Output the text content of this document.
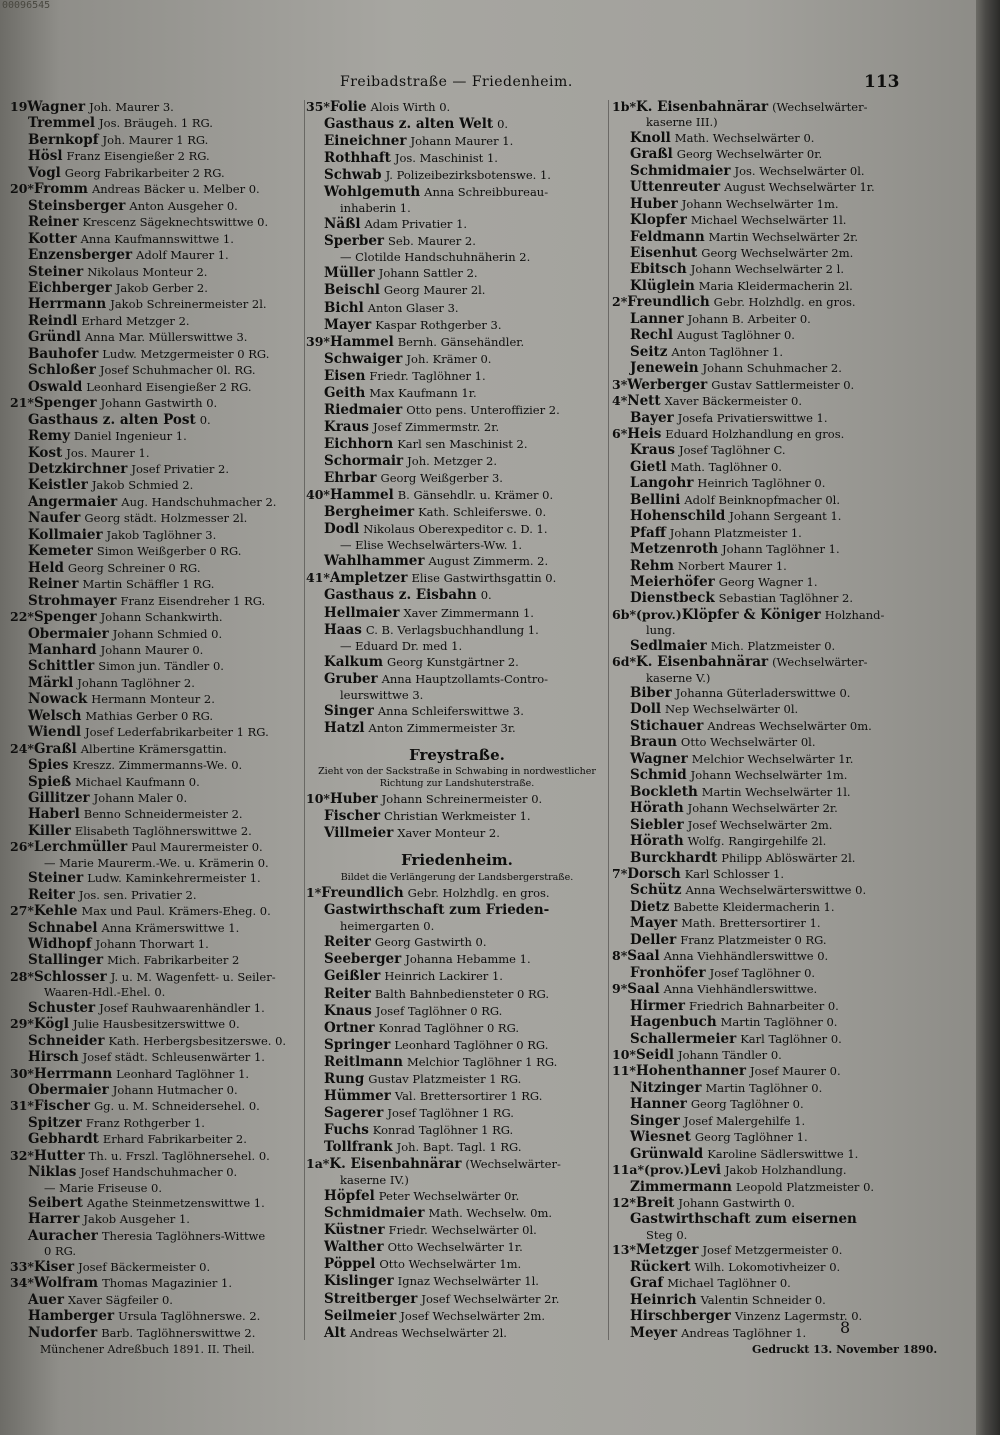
00096545
Freibadstraße — Friedenheim.	113
19Wagner Joh. Maurer 3.
Tremmel Jos. Bräugeh. 1 RG.
Bernkopf Joh. Maurer 1 RG.
Hösl Franz Eisengießer 2 RG.
Vogl Georg Fabrikarbeiter 2 RG.
20*Fromm Andreas Bäcker u. Melber 0.
Steinsberger Anton Ausgeher 0.
Reiner Krescenz Sägeknechtswittwe 0.
Kotter Anna Kaufmannswittwe 1.
Enzensberger Adolf Maurer 1.
Steiner Nikolaus Monteur 2.
Eichberger Jakob Gerber 2.
Herrmann Jakob Schreinermeister 2l.
Reindl Erhard Metzger 2.
Gründl Anna Mar. Müllerswittwe 3.
Bauhofer Ludw. Metzgermeister 0 RG.
Schloßer Josef Schuhmacher 0l. RG.
Oswald Leonhard Eisengießer 2 RG.
21*Spenger Johann Gastwirth 0.
Gasthaus z. alten Post 0.
Remy Daniel Ingenieur 1.
Kost Jos. Maurer 1.
Detzkirchner Josef Privatier 2.
Keistler Jakob Schmied 2.
Angermaier Aug. Handschuhmacher 2.
Naufer Georg städt. Holzmesser 2l.
Kollmaier Jakob Taglöhner 3.
Kemeter Simon Weißgerber 0 RG.
Held Georg Schreiner 0 RG.
Reiner Martin Schäffler 1 RG.
Strohmayer Franz Eisendreher 1 RG.
22*Spenger Johann Schankwirth.
Obermaier Johann Schmied 0.
Manhard Johann Maurer 0.
Schittler Simon jun. Tändler 0.
Märkl Johann Taglöhner 2.
Nowack Hermann Monteur 2.
Welsch Mathias Gerber 0 RG.
Wiendl Josef Lederfabrikarbeiter 1 RG.
24*Graßl Albertine Krämersgattin.
Spies Kreszz. Zimmermanns-We. 0.
Spieß Michael Kaufmann 0.
Gillitzer Johann Maler 0.
Haberl Benno Schneidermeister 2.
Killer Elisabeth Taglöhnerswittwe 2.
26*Lerchmüller Paul Maurermeister 0.
— Marie Maurerm.-We. u. Krämerin 0.
Steiner Ludw. Kaminkehrermeister 1.
Reiter Jos. sen. Privatier 2.
27*Kehle Max und Paul. Krämers-Eheg. 0.
Schnabel Anna Krämerswittwe 1.
Widhopf Johann Thorwart 1.
Stallinger Mich. Fabrikarbeiter 2
28*Schlosser J. u. M. Wagenfett- u. Seiler-
Waaren-Hdl.-Ehel. 0.
Schuster Josef Rauhwaarenhändler 1.
29*Kögl Julie Hausbesitzerswittwe 0.
Schneider Kath. Herbergsbesitzerswe. 0.
Hirsch Josef städt. Schleusenwärter 1.
30*Herrmann Leonhard Taglöhner 1.
Obermaier Johann Hutmacher 0.
31*Fischer Gg. u. M. Schneidersehel. 0.
Spitzer Franz Rothgerber 1.
Gebhardt Erhard Fabrikarbeiter 2.
32*Hutter Th. u. Frszl. Taglöhnersehel. 0.
Niklas Josef Handschuhmacher 0.
— Marie Friseuse 0.
Seibert Agathe Steinmetzenswittwe 1.
Harrer Jakob Ausgeher 1.
Auracher Theresia Taglöhners-Wittwe
0 RG.
33*Kiser Josef Bäckermeister 0.
34*Wolfram Thomas Magazinier 1.
Auer Xaver Sägfeiler 0.
Hamberger Ursula Taglöhnerswe. 2.
Nudorfer Barb. Taglöhnerswittwe 2.
35*Folie Alois Wirth 0.
Gasthaus z. alten Welt 0.
Eineichner Johann Maurer 1.
Rothhaft Jos. Maschinist 1.
Schwab J. Polizeibezirksbotenswe. 1.
Wohlgemuth Anna Schreibbureau-
inhaberin 1.
Näßl Adam Privatier 1.
Sperber Seb. Maurer 2.
— Clotilde Handschuhnäherin 2.
Müller Johann Sattler 2.
Beischl Georg Maurer 2l.
Bichl Anton Glaser 3.
Mayer Kaspar Rothgerber 3.
39*Hammel Bernh. Gänsehändler.
Schwaiger Joh. Krämer 0.
Eisen Friedr. Taglöhner 1.
Geith Max Kaufmann 1r.
Riedmaier Otto pens. Unteroffizier 2.
Kraus Josef Zimmermstr. 2r.
Eichhorn Karl sen Maschinist 2.
Schormair Joh. Metzger 2.
Ehrbar Georg Weißgerber 3.
40*Hammel B. Gänsehdlr. u. Krämer 0.
Bergheimer Kath. Schleiferswe. 0.
Dodl Nikolaus Oberexpeditor c. D. 1.
— Elise Wechselwärters-Ww. 1.
Wahlhammer August Zimmerm. 2.
41*Ampletzer Elise Gastwirthsgattin 0.
Gasthaus z. Eisbahn 0.
Hellmaier Xaver Zimmermann 1.
Haas C. B. Verlagsbuchhandlung 1.
— Eduard Dr. med 1.
Kalkum Georg Kunstgärtner 2.
Gruber Anna Hauptzollamts-Contro-
leurswittwe 3.
Singer Anna Schleiferswittwe 3.
Hatzl Anton Zimmermeister 3r.
Freystraße.
Zieht von der Sackstraße in Schwabing in nordwestlicher Richtung zur Landshuterstraße.
10*Huber Johann Schreinermeister 0.
Fischer Christian Werkmeister 1.
Villmeier Xaver Monteur 2.
Friedenheim.
Bildet die Verlängerung der Landsbergerstraße.
1*Freundlich Gebr. Holzhdlg. en gros.
Gastwirthschaft zum Frieden-
heimergarten 0.
Reiter Georg Gastwirth 0.
Seeberger Johanna Hebamme 1.
Geißler Heinrich Lackirer 1.
Reiter Balth Bahnbediensteter 0 RG.
Knaus Josef Taglöhner 0 RG.
Ortner Konrad Taglöhner 0 RG.
Springer Leonhard Taglöhner 0 RG.
Reitlmann Melchior Taglöhner 1 RG.
Rung Gustav Platzmeister 1 RG.
Hümmer Val. Brettersortirer 1 RG.
Sagerer Josef Taglöhner 1 RG.
Fuchs Konrad Taglöhner 1 RG.
Tollfrank Joh. Bapt. Tagl. 1 RG.
1a*K. Eisenbahnärar (Wechselwärter-
kaserne IV.)
Höpfel Peter Wechselwärter 0r.
Schmidmaier Math. Wechselw. 0m.
Küstner Friedr. Wechselwärter 0l.
Walther Otto Wechselwärter 1r.
Pöppel Otto Wechselwärter 1m.
Kislinger Ignaz Wechselwärter 1l.
Streitberger Josef Wechselwärter 2r.
Seilmeier Josef Wechselwärter 2m.
Alt Andreas Wechselwärter 2l.
1b*K. Eisenbahnärar (Wechselwärter-
kaserne III.)
Knoll Math. Wechselwärter 0.
Graßl Georg Wechselwärter 0r.
Schmidmaier Jos. Wechselwärter 0l.
Uttenreuter August Wechselwärter 1r.
Huber Johann Wechselwärter 1m.
Klopfer Michael Wechselwärter 1l.
Feldmann Martin Wechselwärter 2r.
Eisenhut Georg Wechselwärter 2m.
Ebitsch Johann Wechselwärter 2 l.
Klüglein Maria Kleidermacherin 2l.
2*Freundlich Gebr. Holzhdlg. en gros.
Lanner Johann B. Arbeiter 0.
Rechl August Taglöhner 0.
Seitz Anton Taglöhner 1.
Jenewein Johann Schuhmacher 2.
3*Werberger Gustav Sattlermeister 0.
4*Nett Xaver Bäckermeister 0.
Bayer Josefa Privatierswittwe 1.
6*Heis Eduard Holzhandlung en gros.
Kraus Josef Taglöhner C.
Gietl Math. Taglöhner 0.
Langohr Heinrich Taglöhner 0.
Bellini Adolf Beinknopfmacher 0l.
Hohenschild Johann Sergeant 1.
Pfaff Johann Platzmeister 1.
Metzenroth Johann Taglöhner 1.
Rehm Norbert Maurer 1.
Meierhöfer Georg Wagner 1.
Dienstbeck Sebastian Taglöhner 2.
6b*(prov.)Klöpfer & Königer Holzhand-
lung.
Sedlmaier Mich. Platzmeister 0.
6d*K. Eisenbahnärar (Wechselwärter-
kaserne V.)
Biber Johanna Güterladerswittwe 0.
Doll Nep Wechselwärter 0l.
Stichauer Andreas Wechselwärter 0m.
Braun Otto Wechselwärter 0l.
Wagner Melchior Wechselwärter 1r.
Schmid Johann Wechselwärter 1m.
Bockleth Martin Wechselwärter 1l.
Hörath Johann Wechselwärter 2r.
Siebler Josef Wechselwärter 2m.
Hörath Wolfg. Rangirgehilfe 2l.
Burckhardt Philipp Ablöswärter 2l.
7*Dorsch Karl Schlosser 1.
Schütz Anna Wechselwärterswittwe 0.
Dietz Babette Kleidermacherin 1.
Mayer Math. Brettersortirer 1.
Deller Franz Platzmeister 0 RG.
8*Saal Anna Viehhändlerswittwe 0.
Fronhöfer Josef Taglöhner 0.
9*Saal Anna Viehhändlerswittwe.
Hirmer Friedrich Bahnarbeiter 0.
Hagenbuch Martin Taglöhner 0.
Schallermeier Karl Taglöhner 0.
10*Seidl Johann Tändler 0.
11*Hohenthanner Josef Maurer 0.
Nitzinger Martin Taglöhner 0.
Hanner Georg Taglöhner 0.
Singer Josef Malergehilfe 1.
Wiesnet Georg Taglöhner 1.
Grünwald Karoline Sädlerswittwe 1.
11a*(prov.)Levi Jakob Holzhandlung.
Zimmermann Leopold Platzmeister 0.
12*Breit Johann Gastwirth 0.
Gastwirthschaft zum eisernen
Steg 0.
13*Metzger Josef Metzgermeister 0.
Rückert Wilh. Lokomotivheizer 0.
Graf Michael Taglöhner 0.
Heinrich Valentin Schneider 0.
Hirschberger Vinzenz Lagermstr. 0.
Meyer Andreas Taglöhner 1.
Münchener Adreßbuch 1891. II. Theil.
8
Gedruckt 13. November 1890.
